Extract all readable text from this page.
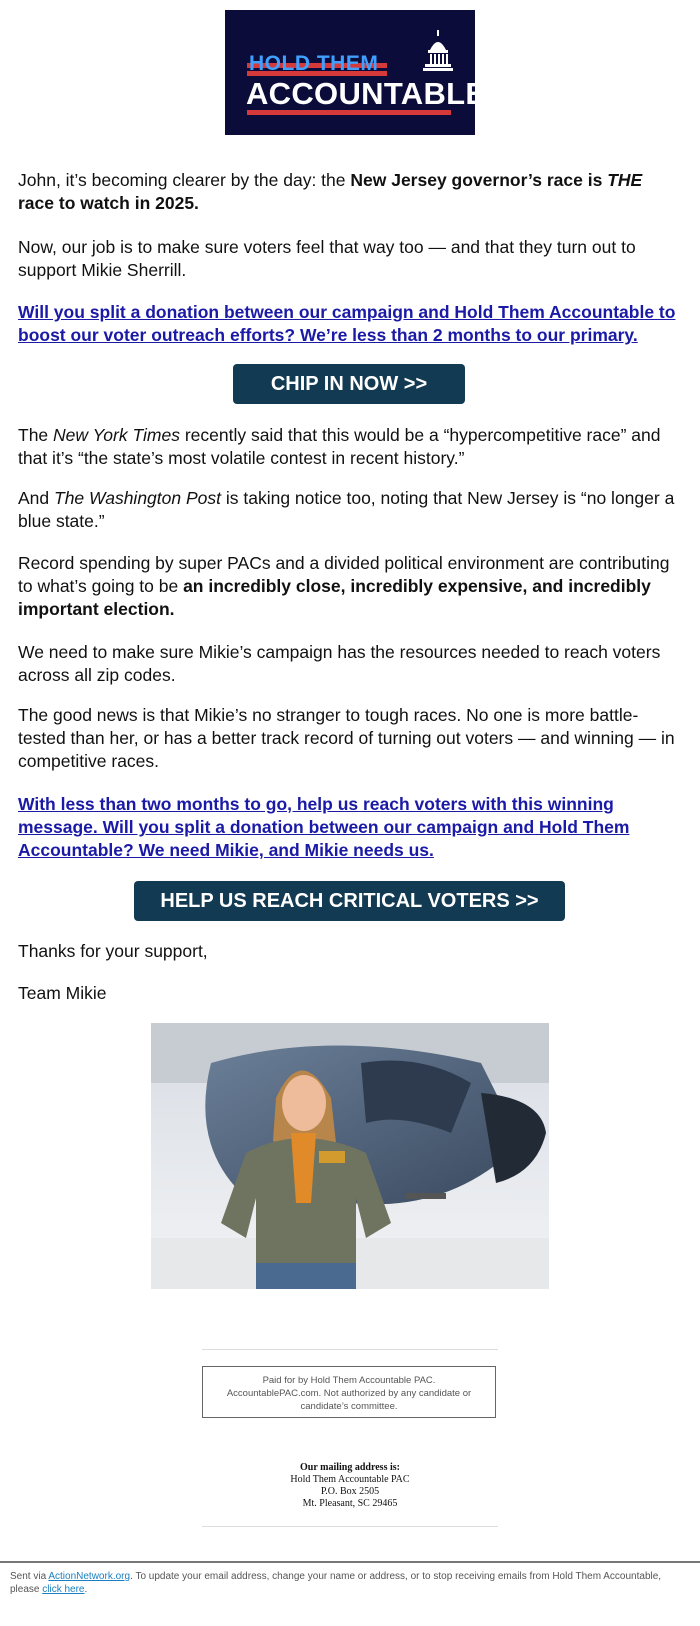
HOLD THEM
ACCOUNTABLE

John, it’s becoming clearer by the day: the New Jersey governor’s race is THE race to watch in 2025.

Now, our job is to make sure voters feel that way too — and that they turn out to support Mikie Sherrill.

Will you split a donation between our campaign and Hold Them Accountable to boost our voter outreach efforts? We’re less than 2 months to our primary.

CHIP IN NOW >>

The New York Times recently said that this would be a “hypercompetitive race” and that it’s “the state’s most volatile contest in recent history.”

And The Washington Post is taking notice too, noting that New Jersey is “no longer a blue state.”

Record spending by super PACs and a divided political environment are contributing to what’s going to be an incredibly close, incredibly expensive, and incredibly important election.

We need to make sure Mikie’s campaign has the resources needed to reach voters across all zip codes.

The good news is that Mikie’s no stranger to tough races. No one is more battle-tested than her, or has a better track record of turning out voters — and winning — in competitive races.

With less than two months to go, help us reach voters with this winning message. Will you split a donation between our campaign and Hold Them Accountable? We need Mikie, and Mikie needs us.

HELP US REACH CRITICAL VOTERS >>

Thanks for your support,

Team Mikie

Paid for by Hold Them Accountable PAC. AccountablePAC.com. Not authorized by any candidate or candidate’s committee.
Our mailing address is:
Hold Them Accountable PAC
P.O. Box 2505
Mt. Pleasant, SC 29465
Sent via ActionNetwork.org. To update your email address, change your name or address, or to stop receiving emails from Hold Them Accountable, please click here.
